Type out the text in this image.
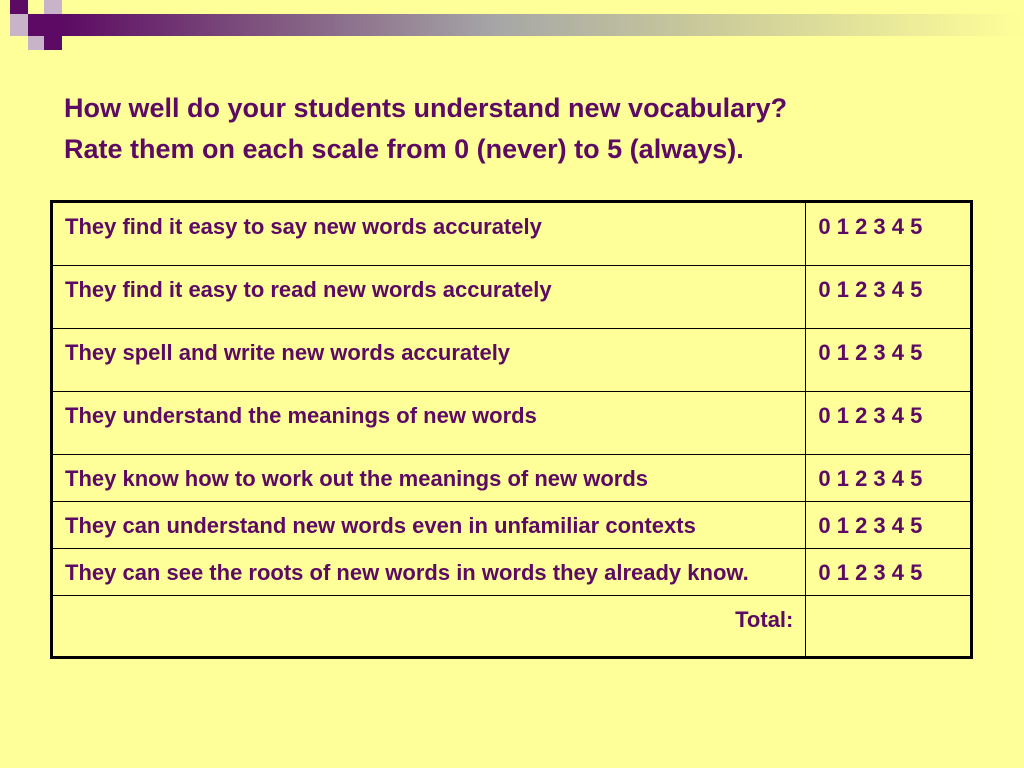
How well do your students understand new vocabulary?
Rate them on each scale from 0 (never) to 5 (always).
They find it easy to say new words accurately	0 1 2 3 4 5
They find it easy to read new words accurately	0 1 2 3 4 5
They spell and write new words accurately	0 1 2 3 4 5
They understand the meanings of new words	0 1 2 3 4 5
They know how to work out the meanings of new words	0 1 2 3 4 5
They can understand new words even in unfamiliar contexts	0 1 2 3 4 5
They can see the roots of new words in words they already know.	0 1 2 3 4 5
Total:	
